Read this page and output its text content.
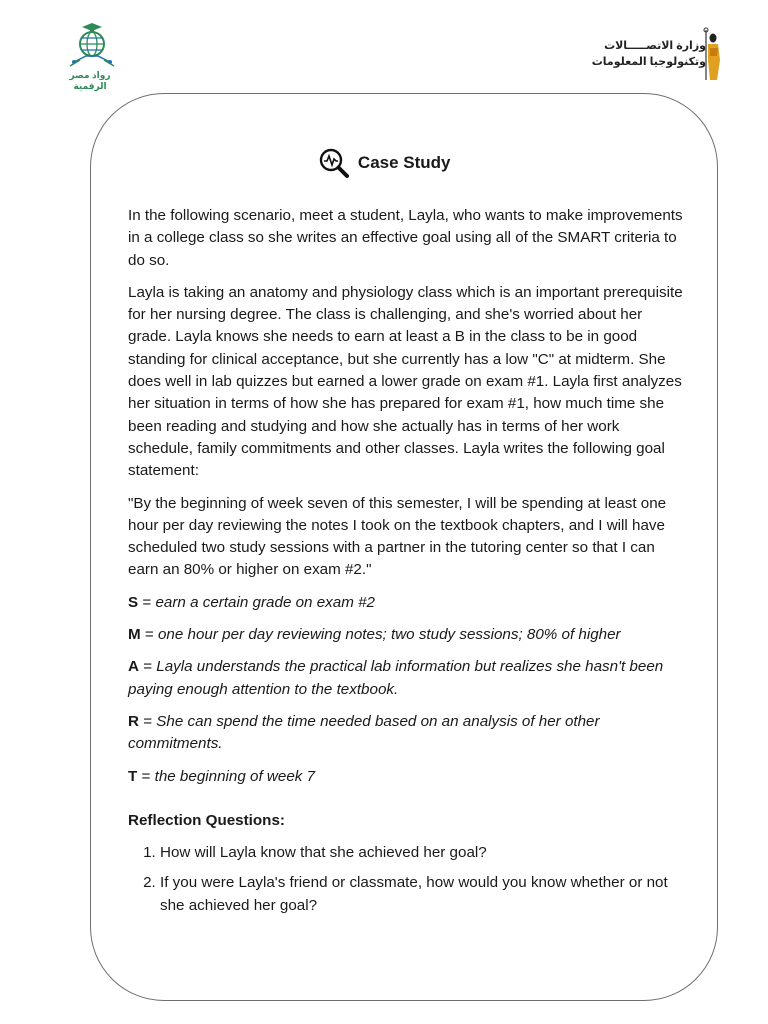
رواد مصر الرقمية
وزارة الاتصـــــالات
وتكنولوجيا المعلومات
Case Study

In the following scenario, meet a student, Layla, who wants to make improvements in a college class so she writes an effective goal using all of the SMART criteria to do so.

Layla is taking an anatomy and physiology class which is an important prerequisite for her nursing degree. The class is challenging, and she's worried about her grade. Layla knows she needs to earn at least a B in the class to be in good standing for clinical acceptance, but she currently has a low "C" at midterm. She does well in lab quizzes but earned a lower grade on exam #1. Layla first analyzes her situation in terms of how she has prepared for exam #1, how much time she been reading and studying and how she actually has in terms of her work schedule, family commitments and other classes. Layla writes the following goal statement:

"By the beginning of week seven of this semester, I will be spending at least one hour per day reviewing the notes I took on the textbook chapters, and I will have scheduled two study sessions with a partner in the tutoring center so that I can earn an 80% or higher on exam #2."

S = earn a certain grade on exam #2

M = one hour per day reviewing notes; two study sessions; 80% of higher

A = Layla understands the practical lab information but realizes she hasn't been paying enough attention to the textbook.

R = She can spend the time needed based on an analysis of her other commitments.

T = the beginning of week 7

Reflection Questions:

1. How will Layla know that she achieved her goal?
2. If you were Layla's friend or classmate, how would you know whether or not she achieved her goal?
